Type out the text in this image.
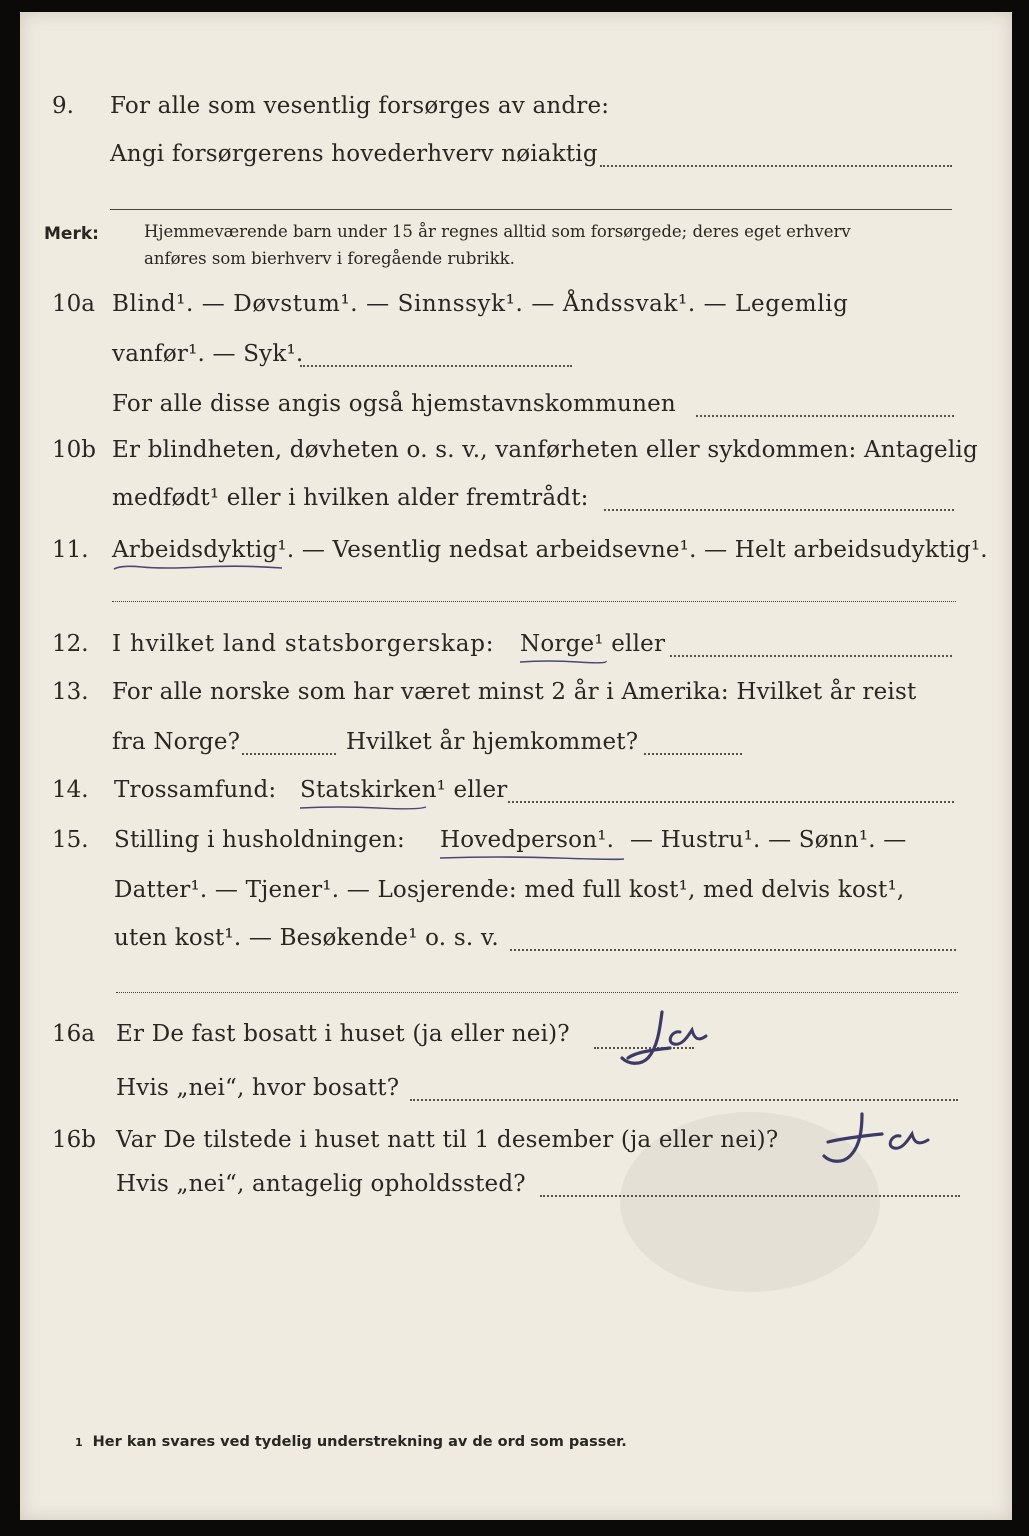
9. For alle som vesentlig forsørges av andre:
Angi forsørgerens hovederhverv nøiaktig
Merk:	Hjemmeværende barn under 15 år regnes alltid som forsørgede; deres eget erhverv
anføres som bierhverv i foregående rubrikk.
10a Blind¹. — Døvstum¹. — Sinnssyk¹. — Åndssvak¹. — Legemlig
vanfør¹. — Syk¹.
For alle disse angis også hjemstavnskommunen
10b Er blindheten, døvheten o. s. v., vanførheten eller sykdommen: Antagelig
medfødt¹ eller i hvilken alder fremtrådt:
11. Arbeidsdyktig¹. — Vesentlig nedsat arbeidsevne¹. — Helt arbeidsudyktig¹.
12. I hvilket land statsborgerskap: Norge¹ eller
13. For alle norske som har været minst 2 år i Amerika: Hvilket år reist
fra Norge?	Hvilket år hjemkommet?
14. Trossamfund: Statskirken¹ eller
15. Stilling i husholdningen: Hovedperson¹. — Hustru¹. — Sønn¹. —
Datter¹. — Tjener¹. — Losjerende: med full kost¹, med delvis kost¹,
uten kost¹. — Besøkende¹ o. s. v.
16a Er De fast bosatt i huset (ja eller nei)?
Hvis „nei“, hvor bosatt?
16b Var De tilstede i huset natt til 1 desember (ja eller nei)?
Hvis „nei“, antagelig opholdssted?
1 Her kan svares ved tydelig understrekning av de ord som passer.
